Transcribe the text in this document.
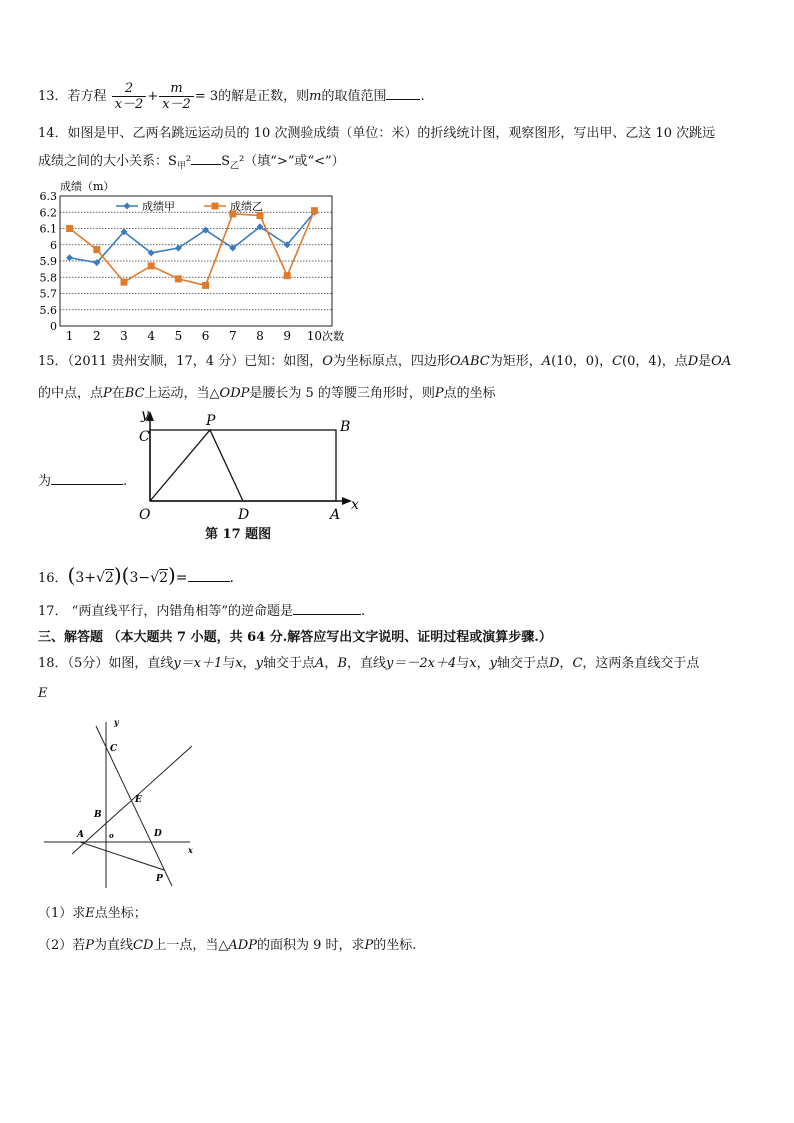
13．若方程 $\frac{2}{x-2} + \frac{m}{x-2} = 3$的解是正数，则m的取值范围	.
14．如图是甲、乙两名跳远运动员的 10 次测验成绩（单位：米）的折线统计图，观察图形，写出甲、乙这 10 次跳远
成绩之间的大小关系：$S_甲^2$ $S_乙^2$（填“>”或“<”）
成绩（m）
0
5.6
5.7
5.8
5.9
6
6.1
6.2
6.3
1 2 3 4 5 6 7 8 9 10
成绩甲	成绩乙
次数
15．（2011 贵州安顺，17，4 分）已知：如图，O为坐标原点，四边形OABC为矩形，A(10，0)，C(0，4)，点D是OA
的中点，点P在BC上运动，当△ODP是腰长为 5 的等腰三角形时，则P点的坐标
为	.
y
x
C
P	B
O	D	A
第 17 题图
16．(3+√2)(3−√2)=	.
17． “两直线平行，内错角相等”的逆命题是	.
三、解答题 （本大题共 7 小题，共 64 分.解答应写出文字说明、证明过程或演算步骤.）
18．（5分）如图，直线y＝x＋1与x，y轴交于点A，B，直线y＝－2x＋4与x，y轴交于点D，C，这两条直线交于点
E
y
C
E
B
A	o	D
x
P
（1）求E点坐标；
（2）若P为直线CD上一点，当△ADP的面积为 9 时，求P的坐标.
